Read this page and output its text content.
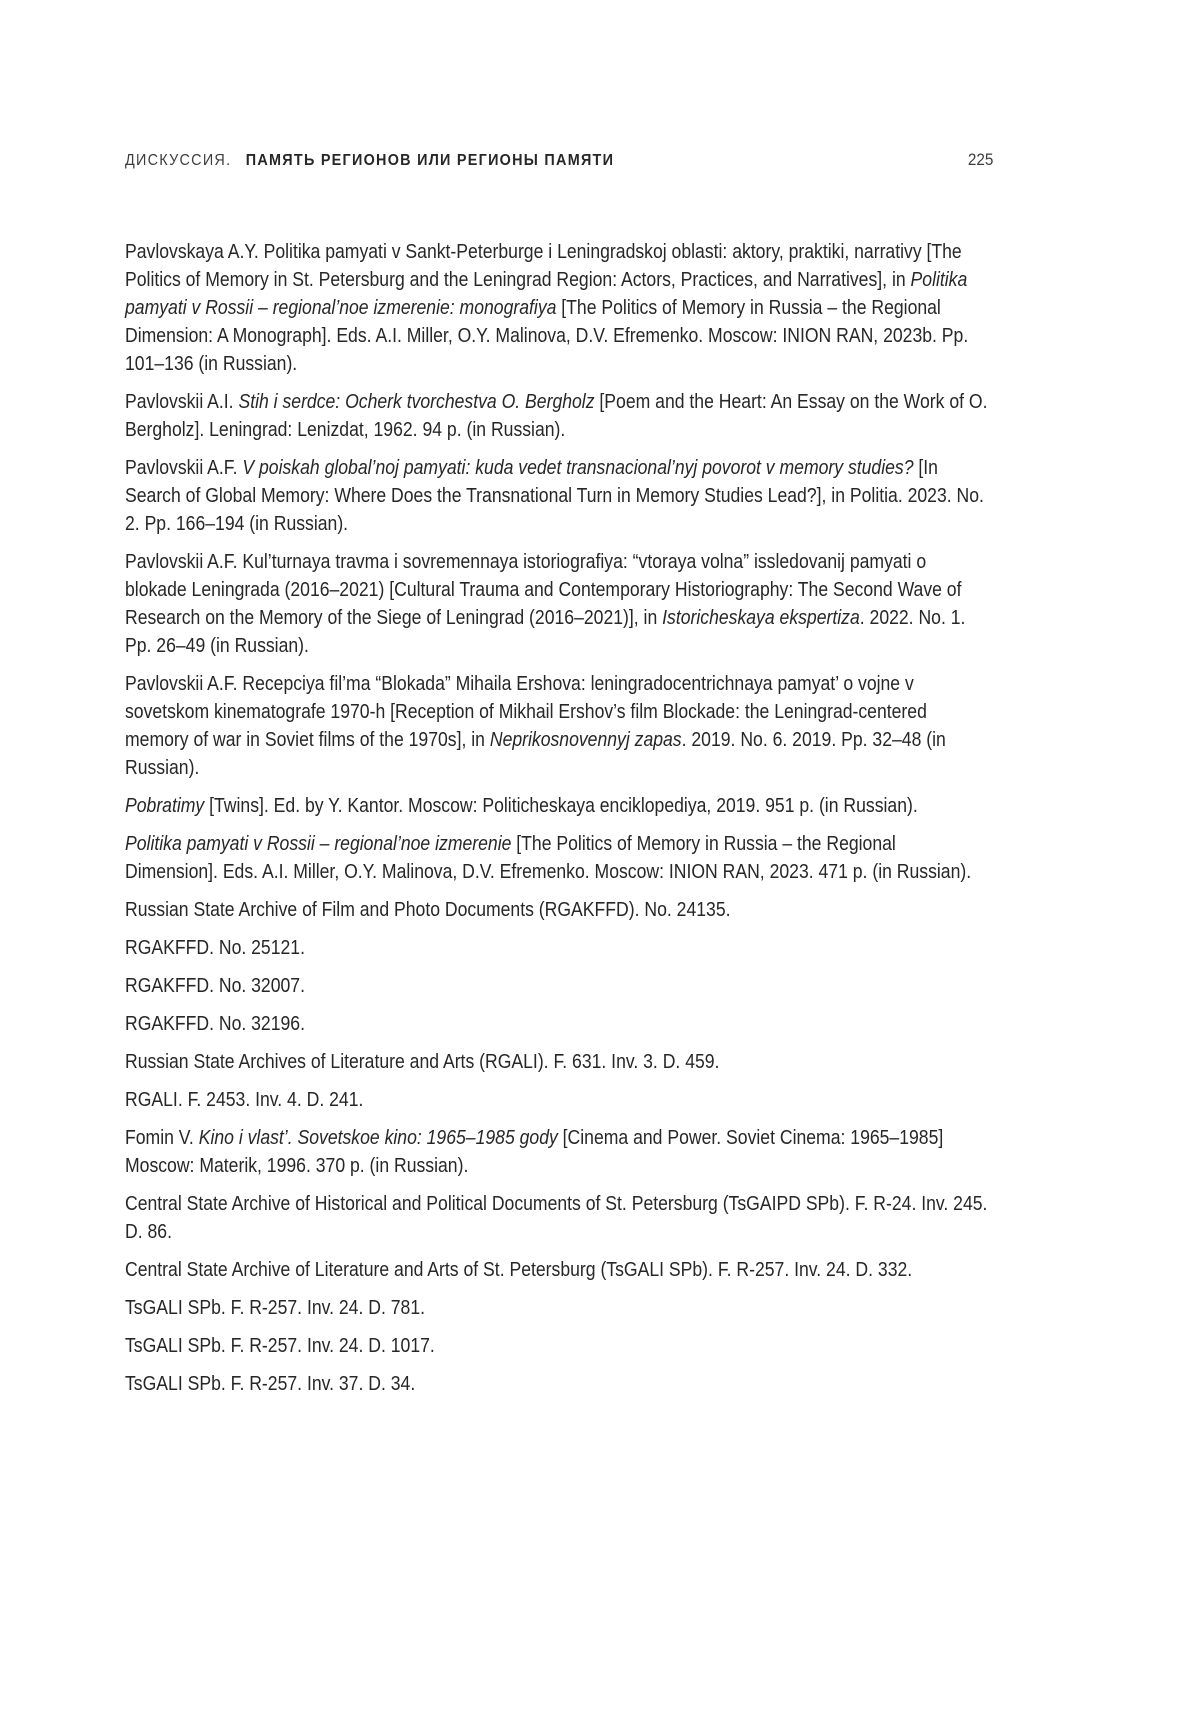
ДИСКУССИЯ. ПАМЯТЬ РЕГИОНОВ ИЛИ РЕГИОНЫ ПАМЯТИ	225

Pavlovskaya A.Y. Politika pamyati v Sankt-Peterburge i Leningradskoj oblasti: aktory, praktiki, narrativy [The Politics of Memory in St. Petersburg and the Leningrad Region: Actors, Practices, and Narratives], in Politika pamyati v Rossii – regional’noe izmerenie: monografiya [The Politics of Memory in Russia – the Regional Dimension: A Monograph]. Eds. A.I. Miller, O.Y. Malinova, D.V. Efremenko. Moscow: INION RAN, 2023b. Pp. 101–136 (in Russian).

Pavlovskii A.I. Stih i serdce: Ocherk tvorchestva O. Bergholz [Poem and the Heart: An Essay on the Work of O. Bergholz]. Leningrad: Lenizdat, 1962. 94 p. (in Russian).

Pavlovskii A.F. V poiskah global’noj pamyati: kuda vedet transnacional’nyj povorot v memory studies? [In Search of Global Memory: Where Does the Transnational Turn in Memory Studies Lead?], in Politia. 2023. No. 2. Pp. 166–194 (in Russian).

Pavlovskii A.F. Kul’turnaya travma i sovremennaya istoriografiya: “vtoraya volna” issledovanij pamyati o blokade Leningrada (2016–2021) [Cultural Trauma and Contemporary Historiography: The Second Wave of Research on the Memory of the Siege of Leningrad (2016–2021)], in Istoricheskaya ekspertiza. 2022. No. 1. Pp. 26–49 (in Russian).

Pavlovskii A.F. Recepciya fil’ma “Blokada” Mihaila Ershova: leningradocentrichnaya pamyat’ o vojne v sovetskom kinematografe 1970-h [Reception of Mikhail Ershov’s film Blockade: the Leningrad-centered memory of war in Soviet films of the 1970s], in Neprikosnovennyj zapas. 2019. No. 6. 2019. Pp. 32–48 (in Russian).

Pobratimy [Twins]. Ed. by Y. Kantor. Moscow: Politicheskaya enciklopediya, 2019. 951 p. (in Russian).

Politika pamyati v Rossii – regional’noe izmerenie [The Politics of Memory in Russia – the Regional Dimension]. Eds. A.I. Miller, O.Y. Malinova, D.V. Efremenko. Moscow: INION RAN, 2023. 471 p. (in Russian).

Russian State Archive of Film and Photo Documents (RGAKFFD). No. 24135.

RGAKFFD. No. 25121.

RGAKFFD. No. 32007.

RGAKFFD. No. 32196.

Russian State Archives of Literature and Arts (RGALI). F. 631. Inv. 3. D. 459.

RGALI. F. 2453. Inv. 4. D. 241.

Fomin V. Kino i vlast’. Sovetskoe kino: 1965–1985 gody [Cinema and Power. Soviet Cinema: 1965–1985] Moscow: Materik, 1996. 370 p. (in Russian).

Central State Archive of Historical and Political Documents of St. Petersburg (TsGAIPD SPb). F. R-24. Inv. 245. D. 86.

Central State Archive of Literature and Arts of St. Petersburg (TsGALI SPb). F. R-257. Inv. 24. D. 332.

TsGALI SPb. F. R-257. Inv. 24. D. 781.

TsGALI SPb. F. R-257. Inv. 24. D. 1017.

TsGALI SPb. F. R-257. Inv. 37. D. 34.
